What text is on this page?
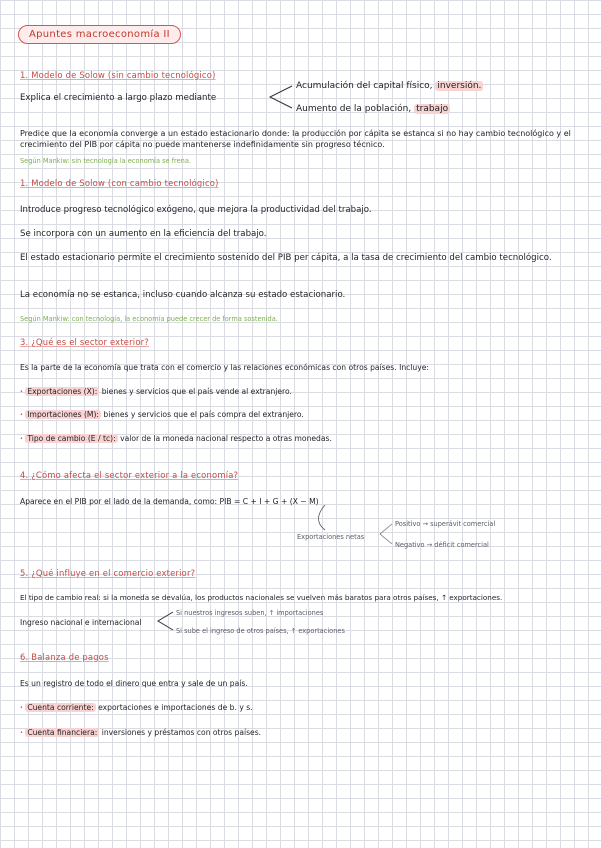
Apuntes macroeconomía II
1. Modelo de Solow (sin cambio tecnológico)
Explica el crecimiento a largo plazo mediante
Acumulación del capital físico, inversión.
Aumento de la población, trabajo
Predice que la economía converge a un estado estacionario donde: la producción por cápita se estanca si no hay cambio tecnológico y el crecimiento del PIB por cápita no puede mantenerse indefinidamente sin progreso técnico.
Según Mankiw: sin tecnología la economía se frena.
1. Modelo de Solow (con cambio tecnológico)
Introduce progreso tecnológico exógeno, que mejora la productividad del trabajo.
Se incorpora con un aumento en la eficiencia del trabajo.
El estado estacionario permite el crecimiento sostenido del PIB per cápita, a la tasa de crecimiento del cambio tecnológico.
La economía no se estanca, incluso cuando alcanza su estado estacionario.
Según Mankiw: con tecnología, la economía puede crecer de forma sostenida.
3. ¿Qué es el sector exterior?
Es la parte de la economía que trata con el comercio y las relaciones económicas con otros países. Incluye:
· Exportaciones (X): bienes y servicios que el país vende al extranjero.
· Importaciones (M): bienes y servicios que el país compra del extranjero.
· Tipo de cambio (E / tc): valor de la moneda nacional respecto a otras monedas.
4. ¿Cómo afecta el sector exterior a la economía?
Aparece en el PIB por el lado de la demanda, como: PIB = C + I + G + (X − M)
Exportaciones netas
Positivo → superávit comercial
Negativo → déficit comercial
5. ¿Qué influye en el comercio exterior?
El tipo de cambio real: si la moneda se devalúa, los productos nacionales se vuelven más baratos para otros países, ↑ exportaciones.
Ingreso nacional e internacional
Si nuestros ingresos suben, ↑ importaciones
Si sube el ingreso de otros países, ↑ exportaciones
6. Balanza de pagos
Es un registro de todo el dinero que entra y sale de un país.
· Cuenta corriente: exportaciones e importaciones de b. y s.
· Cuenta financiera: inversiones y préstamos con otros países.
